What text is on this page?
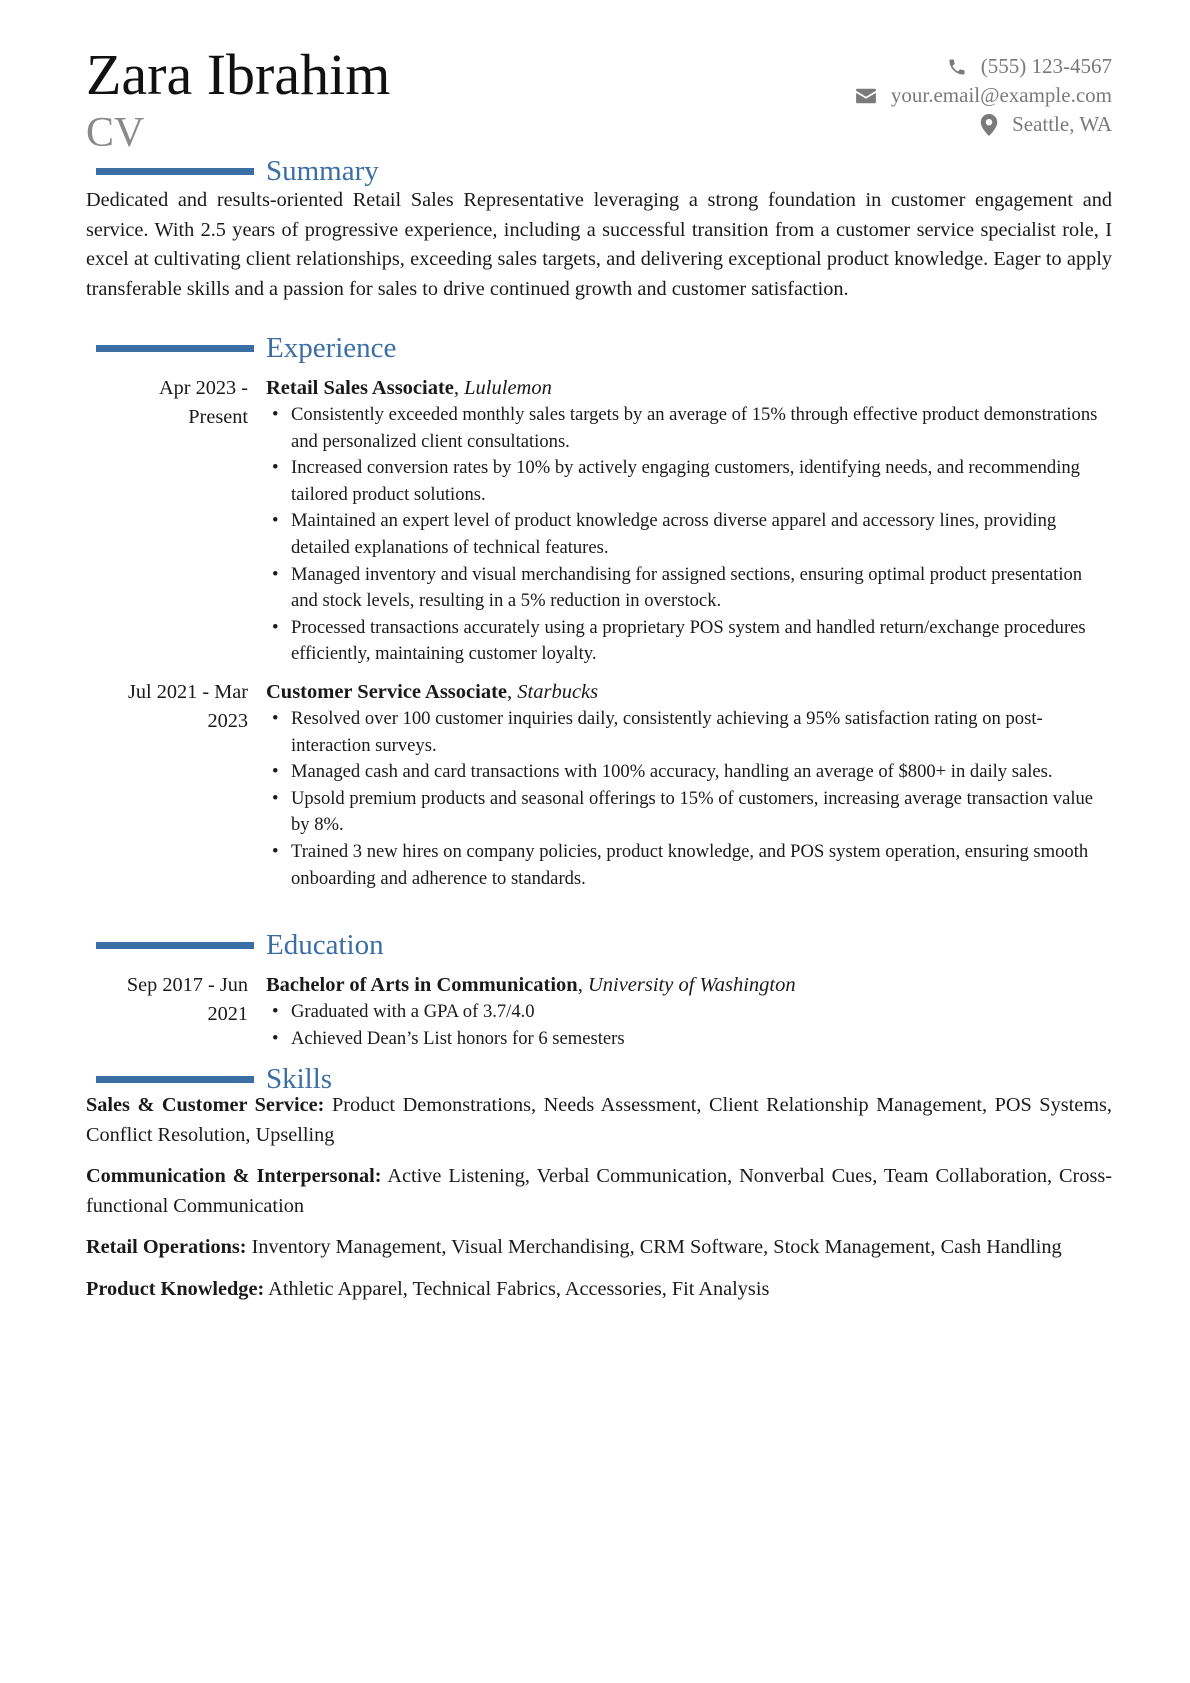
Zara Ibrahim
CV
(555) 123-4567
your.email@example.com
Seattle, WA
Summary
Dedicated and results-oriented Retail Sales Representative leveraging a strong foundation in customer engagement and service. With 2.5 years of progressive experience, including a successful transition from a customer service specialist role, I excel at cultivating client relationships, exceeding sales targets, and delivering exceptional product knowledge. Eager to apply transferable skills and a passion for sales to drive continued growth and customer satisfaction.
Experience
Apr 2023 -
Present
Retail Sales Associate, Lululemon
• Consistently exceeded monthly sales targets by an average of 15% through effective product demonstrations and personalized client consultations.
• Increased conversion rates by 10% by actively engaging customers, identifying needs, and recommending tailored product solutions.
• Maintained an expert level of product knowledge across diverse apparel and accessory lines, providing detailed explanations of technical features.
• Managed inventory and visual merchandising for assigned sections, ensuring optimal product presentation and stock levels, resulting in a 5% reduction in overstock.
• Processed transactions accurately using a proprietary POS system and handled return/exchange procedures efficiently, maintaining customer loyalty.
Jul 2021 - Mar
2023
Customer Service Associate, Starbucks
• Resolved over 100 customer inquiries daily, consistently achieving a 95% satisfaction rating on post-interaction surveys.
• Managed cash and card transactions with 100% accuracy, handling an average of $800+ in daily sales.
• Upsold premium products and seasonal offerings to 15% of customers, increasing average transaction value by 8%.
• Trained 3 new hires on company policies, product knowledge, and POS system operation, ensuring smooth onboarding and adherence to standards.
Education
Sep 2017 - Jun
2021
Bachelor of Arts in Communication, University of Washington
• Graduated with a GPA of 3.7/4.0
• Achieved Dean’s List honors for 6 semesters
Skills
Sales & Customer Service: Product Demonstrations, Needs Assessment, Client Relationship Management, POS Systems, Conflict Resolution, Upselling
Communication & Interpersonal: Active Listening, Verbal Communication, Nonverbal Cues, Team Collaboration, Cross-functional Communication
Retail Operations: Inventory Management, Visual Merchandising, CRM Software, Stock Management, Cash Handling
Product Knowledge: Athletic Apparel, Technical Fabrics, Accessories, Fit Analysis
